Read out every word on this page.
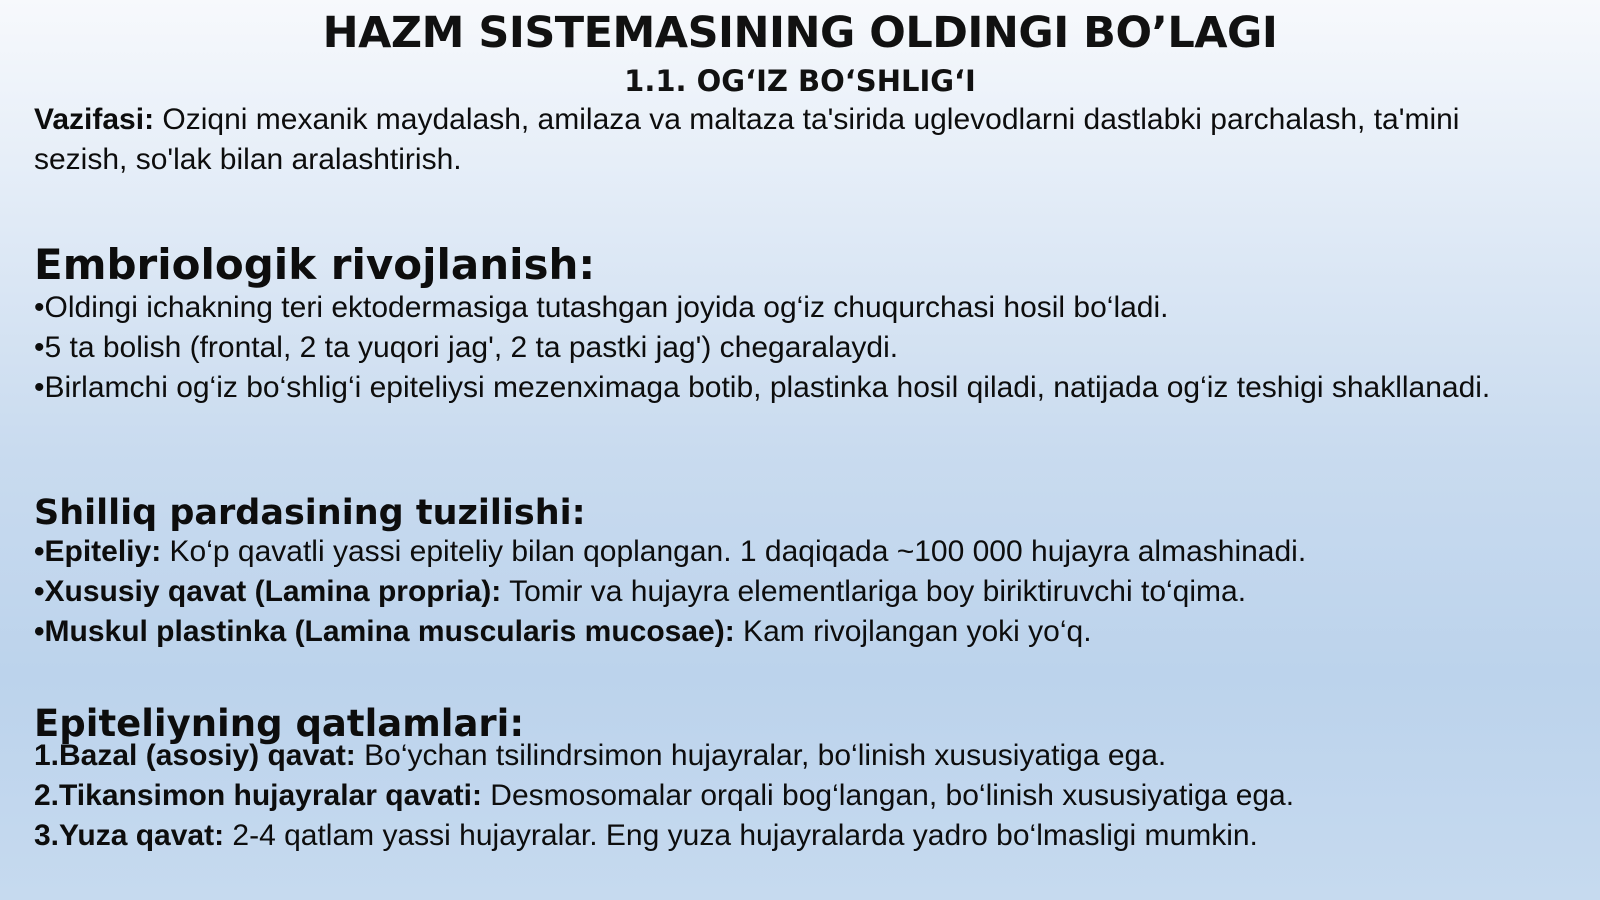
HAZM SISTEMASINING OLDINGI BO’LAGI
1.1. OG‘IZ BO‘SHLIG‘I

Vazifasi: Oziqni mexanik maydalash, amilaza va maltaza ta'sirida uglevodlarni dastlabki parchalash, ta'mini sezish, so'lak bilan aralashtirish.

Embriologik rivojlanish:
•Oldingi ichakning teri ektodermasiga tutashgan joyida og‘iz chuqurchasi hosil bo‘ladi.
•5 ta bolish (frontal, 2 ta yuqori jag', 2 ta pastki jag') chegaralaydi.
•Birlamchi og‘iz bo‘shlig‘i epiteliysi mezenximaga botib, plastinka hosil qiladi, natijada og‘iz teshigi shakllanadi.
Shilliq pardasining tuzilishi:
•Epiteliy: Ko‘p qavatli yassi epiteliy bilan qoplangan. 1 daqiqada ~100 000 hujayra almashinadi.
•Xususiy qavat (Lamina propria): Tomir va hujayra elementlariga boy biriktiruvchi to‘qima.
•Muskul plastinka (Lamina muscularis mucosae): Kam rivojlangan yoki yo‘q.
Epiteliyning qatlamlari:
1.Bazal (asosiy) qavat: Bo‘ychan tsilindrsimon hujayralar, bo‘linish xususiyatiga ega.
2.Tikansimon hujayralar qavati: Desmosomalar orqali bog‘langan, bo‘linish xususiyatiga ega.
3.Yuza qavat: 2-4 qatlam yassi hujayralar. Eng yuza hujayralarda yadro bo‘lmasligi mumkin.
